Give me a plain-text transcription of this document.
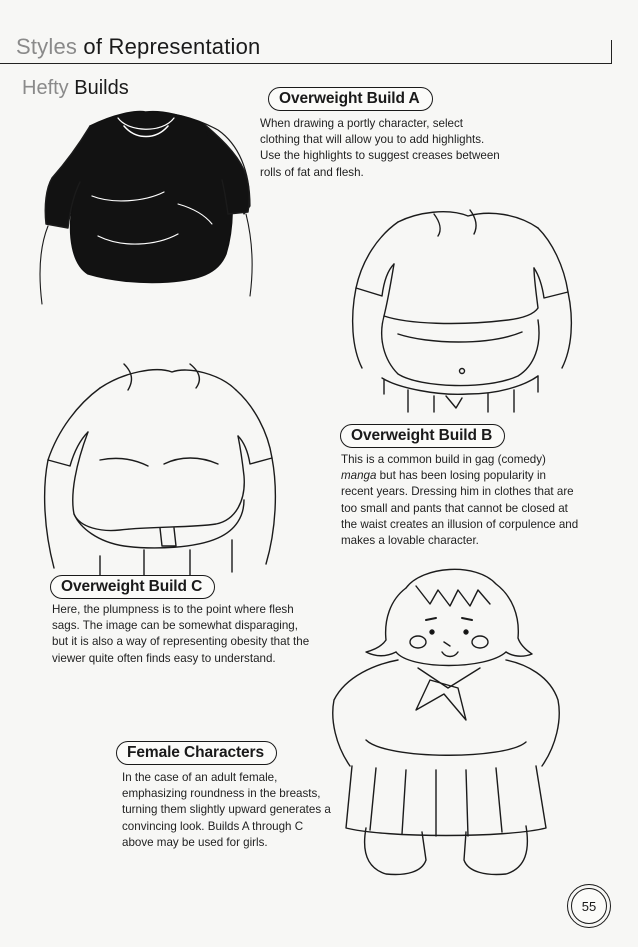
Styles of Representation
Hefty Builds	Overweight Build A
When drawing a portly character, select clothing that will allow you to add highlights. Use the highlights to suggest creases between rolls of fat and flesh.
Overweight Build B
This is a common build in gag (comedy) manga but has been losing popularity in recent years. Dressing him in clothes that are too small and pants that cannot be closed at the waist creates an illusion of corpulence and makes a lovable character.
Overweight Build C
Here, the plumpness is to the point where flesh sags. The image can be somewhat disparaging, but it is also a way of representing obesity that the viewer quite often finds easy to understand.
Female Characters
In the case of an adult female, emphasizing roundness in the breasts, turning them slightly upward generates a convincing look. Builds A through C above may be used for girls.
55
